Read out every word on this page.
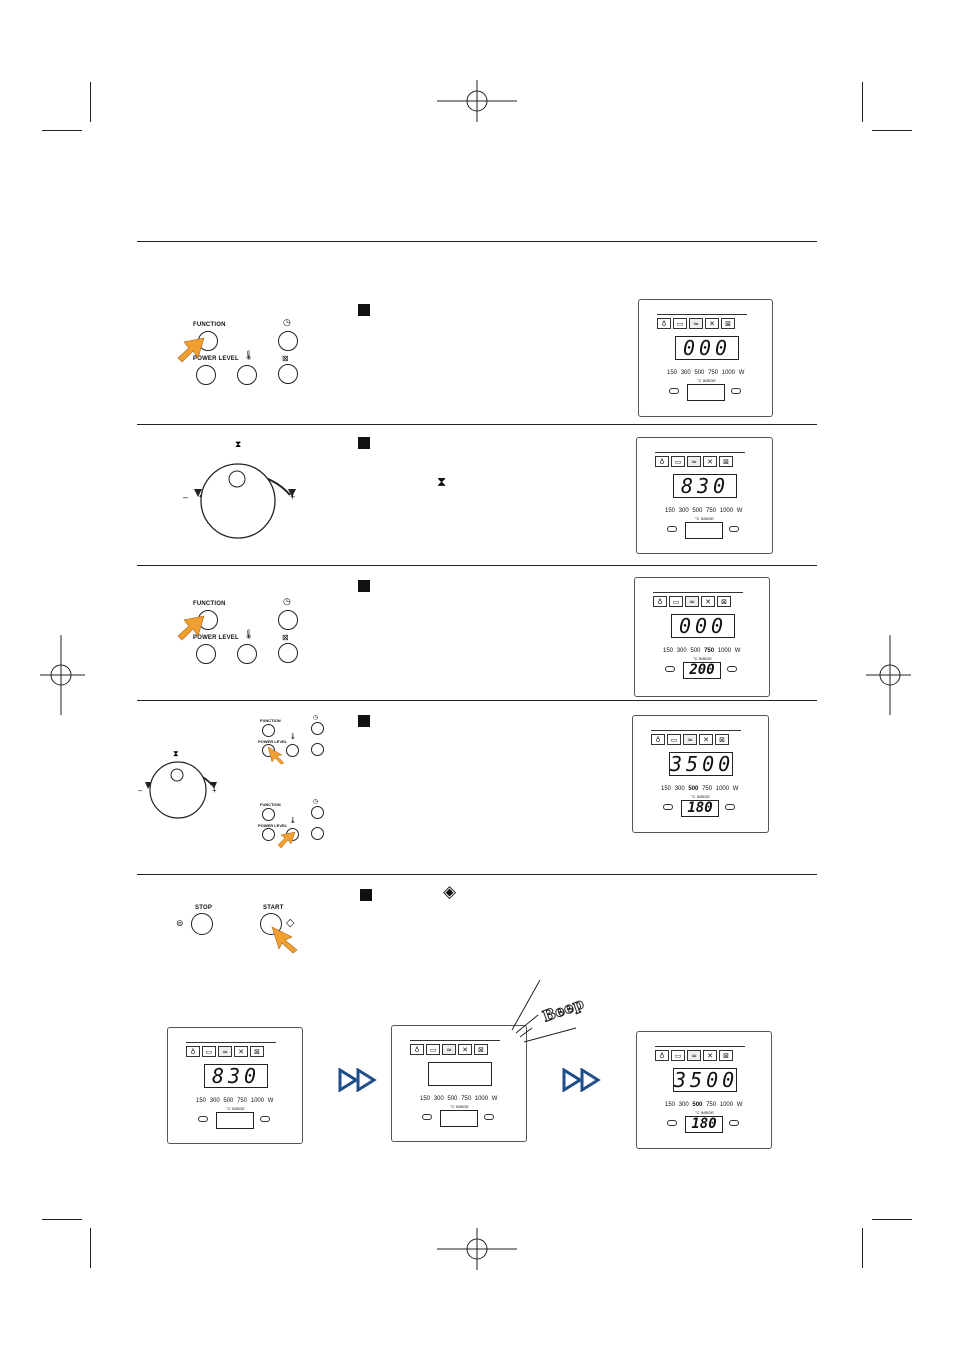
FUNCTION
POWER LEVEL 🌡
◷
⊠
⧗
–	+
⧗
FUNCTION
POWER LEVEL 🌡
◷
⊠
⧗
–	+
FUNCTION
POWER LEVEL
🌡
◷
FUNCTION
POWER LEVEL
🌡
◷
STOP
⊜
START
◇
◈
♁	▭	≈	✕	⊠
000
150 300 500 750 1000 W
°C INSIDE
♁	▭	≈	✕	⊠
830
150 300 500 750 1000 W
°C INSIDE
♁	▭	≈	✕	⊠
000
150 300 500 750 1000 W
°C INSIDE
200
♁	▭	≈	✕	⊠
3500
150 300 500 750 1000 W
°C INSIDE
180
♁	▭	≈	✕	⊠
830
150 300 500 750 1000 W
°C INSIDE
♁	▭	≈	✕	⊠
150 300 500 750 1000 W
°C INSIDE
♁	▭	≈	✕	⊠
3500
150 300 500 750 1000 W
°C INSIDE
180
Beep
